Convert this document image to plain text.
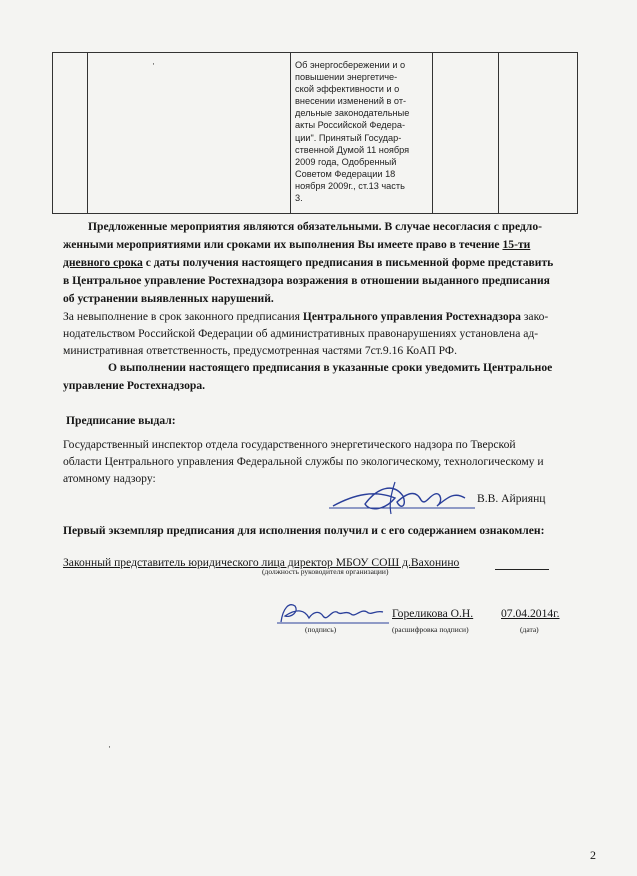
·	Об энергосбережении и о
повышении энергетиче-
ской эффективности и о
внесении изменений в от-
дельные законодательные
акты Российской Федера-
ции". Принятый Государ-
ственной Думой 11 ноября
2009 года, Одобренный
Советом Федерации 18
ноября 2009г., ст.13 часть
3.
Предложенные мероприятия являются обязательными. В случае несогласия с предло-
женными мероприятиями или сроками их выполнения Вы имеете право в течение 15-ти
дневного срока с даты получения настоящего предписания в письменной форме представить
в Центральное управление Ростехнадзора возражения в отношении выданного предписания
об устранении выявленных нарушений.
За невыполнение в срок законного предписания Центрального управления Ростехнадзора зако-
нодательством Российской Федерации об административных правонарушениях установлена ад-
министративная ответственность, предусмотренная частями 7ст.9.16 КоАП РФ.
О выполнении настоящего предписания в указанные сроки уведомить Центральное
управление Ростехнадзора.
Предписание выдал:
Государственный инспектор отдела государственного энергетического надзора по Тверской
области Центрального управления Федеральной службы по экологическому, технологическому и
атомному надзору:
В.В. Айриянц
Первый экземпляр предписания для исполнения получил и с его содержанием ознакомлен:
Законный представитель юридического лица директор МБОУ СОШ д.Вахонино
(должность руководителя организации)
Гореликова О.Н. 07.04.2014г.
(подпись)	(расшифровка подписи)	(дата)
·
2
